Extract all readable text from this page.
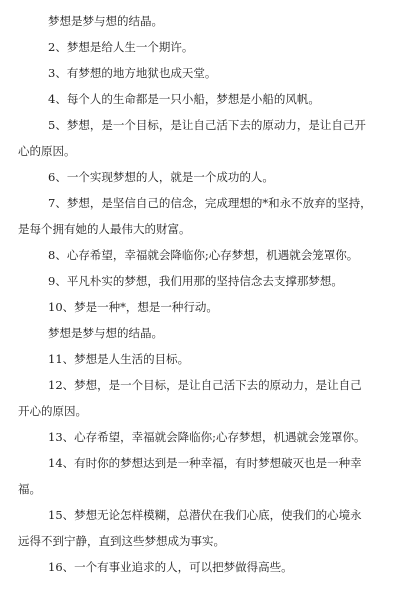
梦想是梦与想的结晶。

2、梦想是给人生一个期许。

3、有梦想的地方地狱也成天堂。

4、每个人的生命都是一只小船，梦想是小船的风帆。

5、梦想，是一个目标，是让自己活下去的原动力，是让自己开

心的原因。

6、一个实现梦想的人，就是一个成功的人。

7、梦想，是坚信自己的信念，完成理想的*和永不放弃的坚持，

是每个拥有她的人最伟大的财富。

8、心存希望，幸福就会降临你;心存梦想，机遇就会笼罩你。

9、平凡朴实的梦想，我们用那的坚持信念去支撑那梦想。

10、梦是一种*，想是一种行动。

梦想是梦与想的结晶。

11、梦想是人生活的目标。

12、梦想，是一个目标，是让自己活下去的原动力，是让自己

开心的原因。

13、心存希望，幸福就会降临你;心存梦想，机遇就会笼罩你。

14、有时你的梦想达到是一种幸福，有时梦想破灭也是一种幸

福。

15、梦想无论怎样模糊，总潜伏在我们心底，使我们的心境永

远得不到宁静，直到这些梦想成为事实。

16、一个有事业追求的人，可以把梦做得高些。
